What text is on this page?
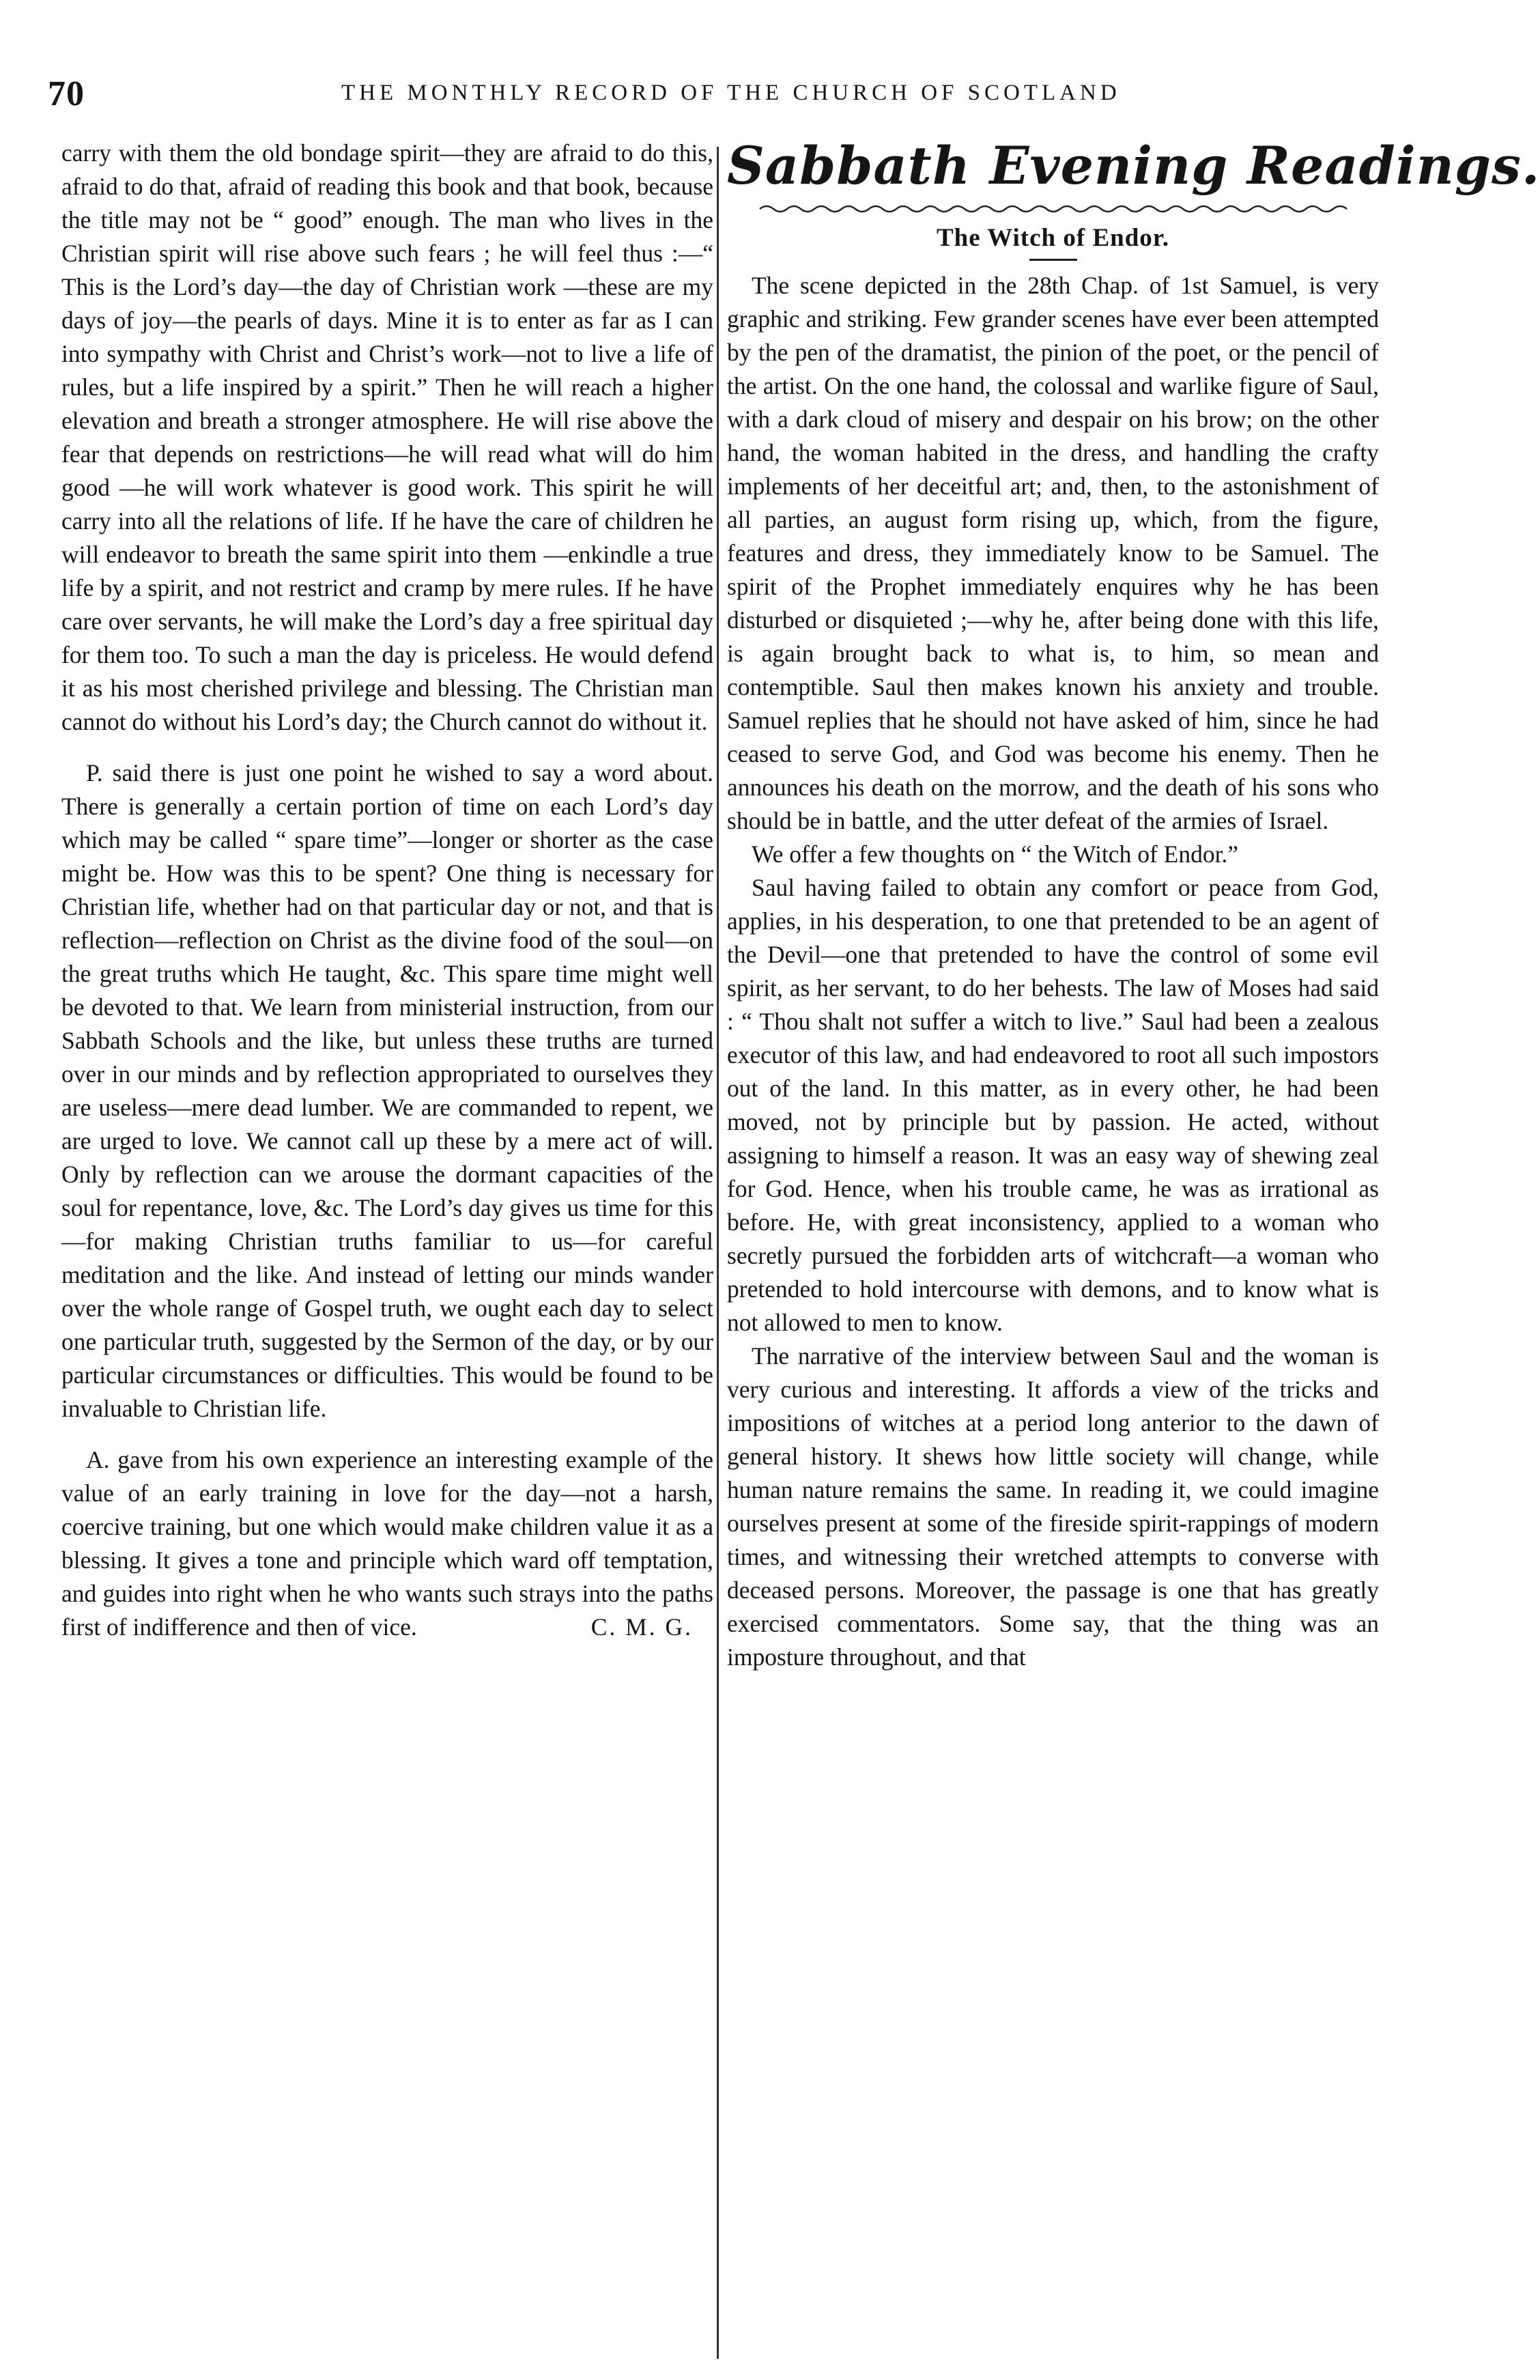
70	THE MONTHLY RECORD OF THE CHURCH OF SCOTLAND

carry with them the old bondage spirit—they are afraid to do this, afraid to do that, afraid of reading this book and that book, because the title may not be “ good” enough. The man who lives in the Christian spirit will rise above such fears ; he will feel thus :—“ This is the Lord’s day—the day of Christian work —these are my days of joy—the pearls of days. Mine it is to enter as far as I can into sympathy with Christ and Christ’s work—not to live a life of rules, but a life inspired by a spirit.” Then he will reach a higher elevation and breath a stronger atmosphere. He will rise above the fear that depends on restrictions—he will read what will do him good —he will work whatever is good work. This spirit he will carry into all the relations of life. If he have the care of children he will endeavor to breath the same spirit into them —enkindle a true life by a spirit, and not restrict and cramp by mere rules. If he have care over servants, he will make the Lord’s day a free spiritual day for them too. To such a man the day is priceless. He would defend it as his most cherished privilege and blessing. The Christian man cannot do without his Lord’s day; the Church cannot do without it.

P. said there is just one point he wished to say a word about. There is generally a certain portion of time on each Lord’s day which may be called “ spare time”—longer or shorter as the case might be. How was this to be spent? One thing is necessary for Christian life, whether had on that particular day or not, and that is reflection—reflection on Christ as the divine food of the soul—on the great truths which He taught, &c. This spare time might well be devoted to that. We learn from ministerial instruction, from our Sabbath Schools and the like, but unless these truths are turned over in our minds and by reflection appropriated to ourselves they are useless—mere dead lumber. We are commanded to repent, we are urged to love. We cannot call up these by a mere act of will. Only by reflection can we arouse the dormant capacities of the soul for repentance, love, &c. The Lord’s day gives us time for this—for making Christian truths familiar to us—for careful meditation and the like. And instead of letting our minds wander over the whole range of Gospel truth, we ought each day to select one particular truth, suggested by the Sermon of the day, or by our particular circumstances or difficulties. This would be found to be invaluable to Christian life.

A. gave from his own experience an interesting example of the value of an early training in love for the day—not a harsh, coercive training, but one which would make children value it as a blessing. It gives a tone and principle which ward off temptation, and guides into right when he who wants such strays into the paths first of indifference and then of vice.	C. M. G.

Sabbath Evening Readings.
The Witch of Endor.

The scene depicted in the 28th Chap. of 1st Samuel, is very graphic and striking. Few grander scenes have ever been attempted by the pen of the dramatist, the pinion of the poet, or the pencil of the artist. On the one hand, the colossal and warlike figure of Saul, with a dark cloud of misery and despair on his brow; on the other hand, the woman habited in the dress, and handling the crafty implements of her deceitful art; and, then, to the astonishment of all parties, an august form rising up, which, from the figure, features and dress, they immediately know to be Samuel. The spirit of the Prophet immediately enquires why he has been disturbed or disquieted ;—why he, after being done with this life, is again brought back to what is, to him, so mean and contemptible. Saul then makes known his anxiety and trouble. Samuel replies that he should not have asked of him, since he had ceased to serve God, and God was become his enemy. Then he announces his death on the morrow, and the death of his sons who should be in battle, and the utter defeat of the armies of Israel.

We offer a few thoughts on “ the Witch of Endor.”

Saul having failed to obtain any comfort or peace from God, applies, in his desperation, to one that pretended to be an agent of the Devil—one that pretended to have the control of some evil spirit, as her servant, to do her behests. The law of Moses had said : “ Thou shalt not suffer a witch to live.” Saul had been a zealous executor of this law, and had endeavored to root all such impostors out of the land. In this matter, as in every other, he had been moved, not by principle but by passion. He acted, without assigning to himself a reason. It was an easy way of shewing zeal for God. Hence, when his trouble came, he was as irrational as before. He, with great inconsistency, applied to a woman who secretly pursued the forbidden arts of witchcraft—a woman who pretended to hold intercourse with demons, and to know what is not allowed to men to know.

The narrative of the interview between Saul and the woman is very curious and interesting. It affords a view of the tricks and impositions of witches at a period long anterior to the dawn of general history. It shews how little society will change, while human nature remains the same. In reading it, we could imagine ourselves present at some of the fireside spirit-rappings of modern times, and witnessing their wretched attempts to converse with deceased persons. Moreover, the passage is one that has greatly exercised commentators. Some say, that the thing was an imposture throughout, and that
